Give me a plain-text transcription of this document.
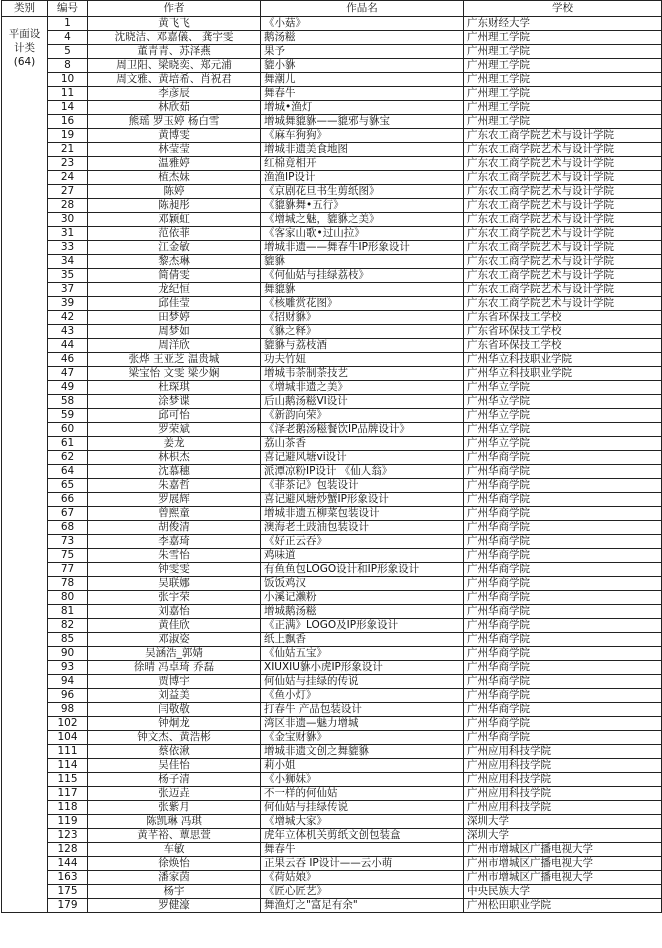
类别	编号	作者	作品名	学校

平面设
计类
(64)	1	黄飞飞	《小菇》	广东财经大学
	4	沈晓洁、邓嘉儀、 龚宇雯	鹅汤糍	广州理工学院
	5	董青青、苏泽燕	果予	广州理工学院
	8	周卫阳、梁晓奕、郑元浦	貔小貅	广州理工学院
	10	周文雅、黄培希、肖祝君	舞潮儿	广州理工学院
	11	李彦辰	舞春牛	广州理工学院
	14	林欣茹	增城•渔灯	广州理工学院
	16	熊瑶 罗玉婷 杨白雪	增城舞貔貅——貔邪与貅宝	广州理工学院
	19	黄博雯	《麻车狗狗》	广东农工商学院艺术与设计学院
	21	林莹莹	增城非遗美食地图	广东农工商学院艺术与设计学院
	23	温雅婷	红棉竟相开	广东农工商学院艺术与设计学院
	24	植杰妹	渔渔IP设计	广东农工商学院艺术与设计学院
	27	陈婷	《京剧花旦书生剪纸图》	广东农工商学院艺术与设计学院
	28	陈昶彤	《貔貅舞•五行》	广东农工商学院艺术与设计学院
	30	邓颖虹	《增城之魅，貔貅之美》	广东农工商学院艺术与设计学院
	31	范依菲	《客家山歌•过山拉》	广东农工商学院艺术与设计学院
	33	江金敏	增城非遗——舞春牛IP形象设计	广东农工商学院艺术与设计学院
	34	黎杰琳	貔貅	广东农工商学院艺术与设计学院
	35	简倩雯	《何仙姑与挂绿荔枝》	广东农工商学院艺术与设计学院
	37	龙纪恒	舞貔貅	广东农工商学院艺术与设计学院
	39	邱佳莹	《核雕赏花图》	广东农工商学院艺术与设计学院
	42	田梦婷	《招财貅》	广东省环保技工学校
	43	周梦如	《貅之释》	广东省环保技工学校
	44	周洋欣	貔貅与荔枝酒	广东省环保技工学校
	46	张烨 王亚芝 温贵城	功夫竹妞	广州华立科技职业学院
	47	梁宝怡 文雯 梁少娴	增城韦荼制荼技艺	广州华立科技职业学院
	49	杜琛琪	《增城非遗之美》	广州华立学院
	58	涂梦谍	后山鹅汤糍VI设计	广州华立学院
	59	邱可怡	《新韵向荣》	广州华立学院
	60	罗荣斌	《泽老鹅汤糍餐饮IP品牌设计》	广州华立学院
	61	姜龙	荔山茶香	广州华立学院
	62	林枳杰	喜记避风塘vi设计	广州华商学院
	64	沈慕穗	派潭凉粉IP设计 《仙人翁》	广州华商学院
	65	朱嘉哲	《菲茶记》包装设计	广州华商学院
	66	罗展辉	喜记避风塘炒蟹IP形象设计	广州华商学院
	67	曾熙童	增城非遗五柳菜包装设计	广州华商学院
	68	胡俊清	澳海老土豉油包装设计	广州华商学院
	73	李嘉琦	《好正云吞》	广州华商学院
	75	朱雪怡	鸡味道	广州华商学院
	77	钟雯雯	有鱼鱼包LOGO设计和IP形象设计	广州华商学院
	78	吴联娜	饭饭鸡汉	广州华商学院
	80	张宇荣	小溪记濑粉	广州华商学院
	81	刘嘉怡	增城鹅汤糍	广州华商学院
	82	黄佳欣	《正满》LOGO及IP形象设计	广州华商学院
	85	邓淑姿	纸上飘香	广州华商学院
	90	吴涵浩_郭婧	《仙姑五宝》	广州华商学院
	93	徐晴 冯卓琦 乔磊	XIUXIU貅小虎IP形象设计	广州华商学院
	94	贾博宇	何仙姑与挂绿的传说	广州华商学院
	96	刘益美	《鱼小灯》	广州华商学院
	98	闫敬敬	打春牛 产品包装设计	广州华商学院
	102	钟炯龙	湾区非遗—魅力增城	广州华商学院
	104	钟文杰、黄浩彬	《金宝财貅》	广州华商学院
	111	蔡依湫	增城非遗文创之舞貔貅	广州应用科技学院
	114	吴佳怡	莉小姐	广州应用科技学院
	115	杨子清	《小狮妹》	广州应用科技学院
	117	张迈垚	不一样的何仙姑	广州应用科技学院
	118	张紫月	何仙姑与挂绿传说	广州应用科技学院
	119	陈凯琳 冯琪	《增城大家》	深圳大学
	123	黄芊裕、蕈思萱	虎年立体机关剪纸文创包装盒	深圳大学
	128	车敏	舞春牛	广州市增城区广播电视大学
	144	徐焕怡	正果云吞 IP设计——云小萌	广州市增城区广播电视大学
	163	潘家茵	《荷姑娘》	广州市增城区广播电视大学
	175	杨宇	《匠心匠艺》	中央民族大学
	179	罗健濠	舞渔灯之"富足有余"	广州松田职业学院
